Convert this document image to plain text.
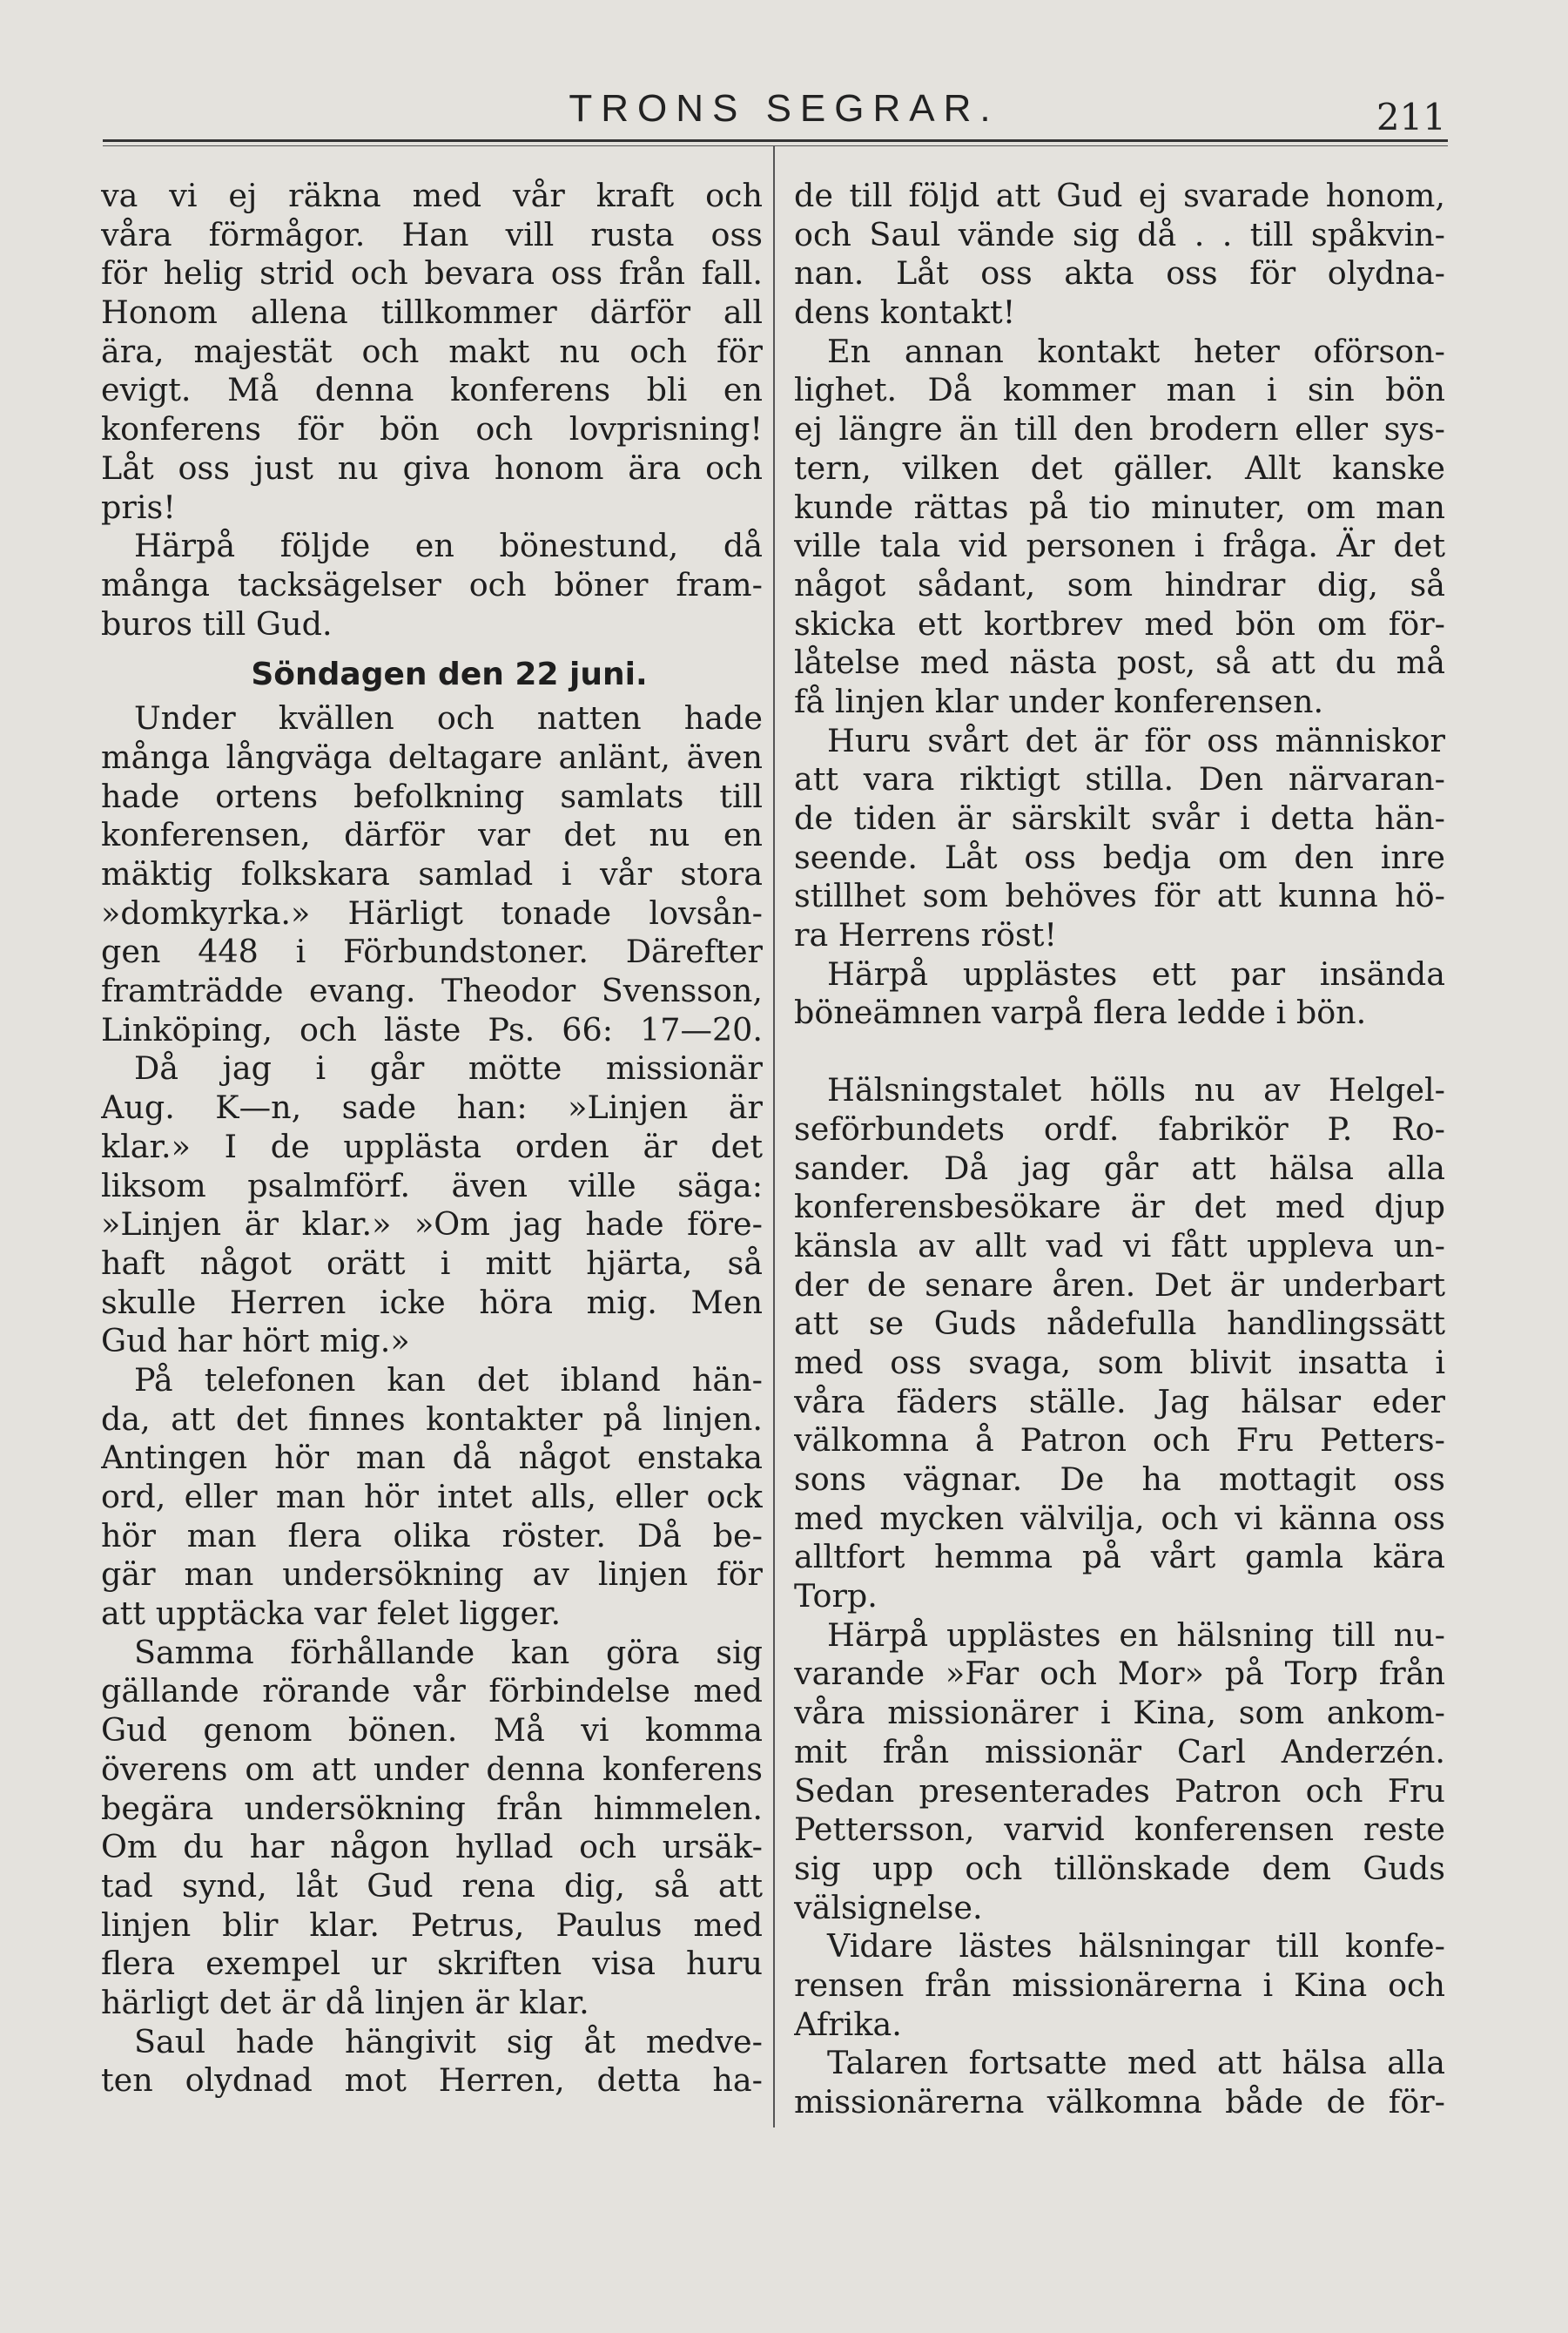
TRONS SEGRAR.	211
va vi ej räkna med vår kraft och
våra förmågor. Han vill rusta oss
för helig strid och bevara oss från fall.
Honom allena tillkommer därför all
ära, majestät och makt nu och för
evigt. Må denna konferens bli en
konferens för bön och lovprisning!
Låt oss just nu giva honom ära och
pris!
Härpå följde en bönestund, då
många tacksägelser och böner fram-
buros till Gud.
Söndagen den 22 juni.
Under kvällen och natten hade
många långväga deltagare anlänt, även
hade ortens befolkning samlats till
konferensen, därför var det nu en
mäktig folkskara samlad i vår stora
»domkyrka.» Härligt tonade lovsån-
gen 448 i Förbundstoner. Därefter
framträdde evang. Theodor Svensson,
Linköping, och läste Ps. 66: 17—20.
Då jag i går mötte missionär
Aug. K—n, sade han: »Linjen är
klar.» I de upplästa orden är det
liksom psalmförf. även ville säga:
»Linjen är klar.» »Om jag hade före-
haft något orätt i mitt hjärta, så
skulle Herren icke höra mig. Men
Gud har hört mig.»
På telefonen kan det ibland hän-
da, att det finnes kontakter på linjen.
Antingen hör man då något enstaka
ord, eller man hör intet alls, eller ock
hör man flera olika röster. Då be-
gär man undersökning av linjen för
att upptäcka var felet ligger.
Samma förhållande kan göra sig
gällande rörande vår förbindelse med
Gud genom bönen. Må vi komma
överens om att under denna konferens
begära undersökning från himmelen.
Om du har någon hyllad och ursäk-
tad synd, låt Gud rena dig, så att
linjen blir klar. Petrus, Paulus med
flera exempel ur skriften visa huru
härligt det är då linjen är klar.
Saul hade hängivit sig åt medve-
ten olydnad mot Herren, detta ha-
de till följd att Gud ej svarade honom,
och Saul vände sig då . . till spåkvin-
nan. Låt oss akta oss för olydna-
dens kontakt!
En annan kontakt heter oförson-
lighet. Då kommer man i sin bön
ej längre än till den brodern eller sys-
tern, vilken det gäller. Allt kanske
kunde rättas på tio minuter, om man
ville tala vid personen i fråga. Är det
något sådant, som hindrar dig, så
skicka ett kortbrev med bön om för-
låtelse med nästa post, så att du må
få linjen klar under konferensen.
Huru svårt det är för oss människor
att vara riktigt stilla. Den närvaran-
de tiden är särskilt svår i detta hän-
seende. Låt oss bedja om den inre
stillhet som behöves för att kunna hö-
ra Herrens röst!
Härpå upplästes ett par insända
böneämnen varpå flera ledde i bön.
Hälsningstalet hölls nu av Helgel-
seförbundets ordf. fabrikör P. Ro-
sander. Då jag går att hälsa alla
konferensbesökare är det med djup
känsla av allt vad vi fått uppleva un-
der de senare åren. Det är underbart
att se Guds nådefulla handlingssätt
med oss svaga, som blivit insatta i
våra fäders ställe. Jag hälsar eder
välkomna å Patron och Fru Petters-
sons vägnar. De ha mottagit oss
med mycken välvilja, och vi känna oss
alltfort hemma på vårt gamla kära
Torp.
Härpå upplästes en hälsning till nu-
varande »Far och Mor» på Torp från
våra missionärer i Kina, som ankom-
mit från missionär Carl Anderzén.
Sedan presenterades Patron och Fru
Pettersson, varvid konferensen reste
sig upp och tillönskade dem Guds
välsignelse.
Vidare lästes hälsningar till konfe-
rensen från missionärerna i Kina och
Afrika.
Talaren fortsatte med att hälsa alla
missionärerna välkomna både de för-
